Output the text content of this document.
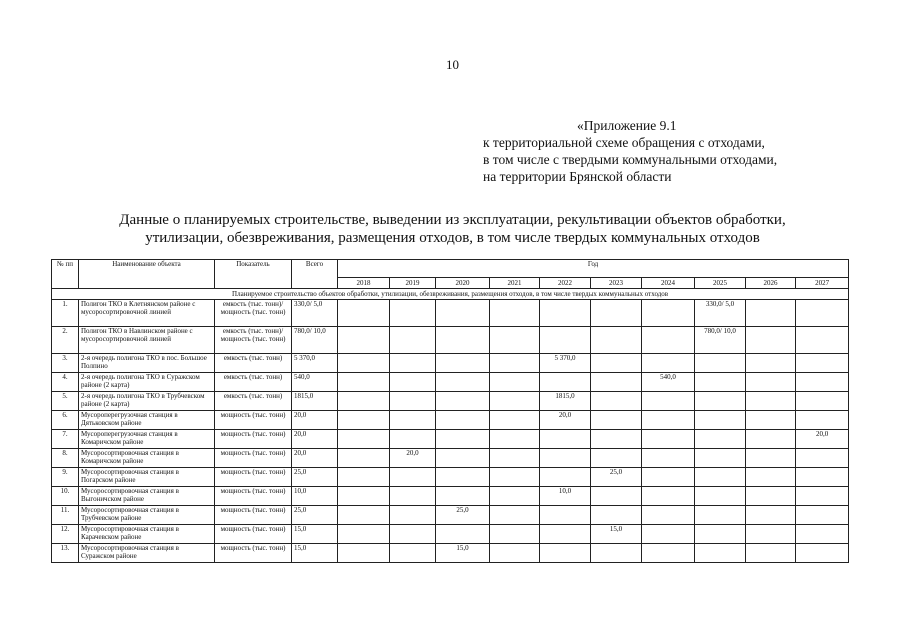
10
«Приложение 9.1
к территориальной схеме обращения с отходами,
в том числе с твердыми коммунальными отходами,
на территории Брянской области
Данные о планируемых строительстве, выведении из эксплуатации, рекультивации объектов обработки,
утилизации, обезвреживания, размещения отходов, в том числе твердых коммунальных отходов
№ пп	Наименование объекта	Показатель	Всего	Год									
				2018	2019	2020	2021	2022	2023	2024	2025	2026	2027
Планируемое строительство объектов обработки, утилизации, обезвреживания, размещения отходов, в том числе твердых коммунальных отходов													
1.	Полигон ТКО в Клетнянском районе с мусоросортировочной линией	емкость (тыс. тонн)/ мощность (тыс. тонн)	330,0/ 5,0								330,0/ 5,0		
2.	Полигон ТКО в Навлинском районе с мусоросортировочной линией	емкость (тыс. тонн)/ мощность (тыс. тонн)	780,0/ 10,0								780,0/ 10,0		
3.	2-я очередь полигона ТКО в пос. Большое Полпино	емкость (тыс. тонн)	5 370,0					5 370,0					
4.	2-я очередь полигона ТКО в Суражском районе (2 карта)	емкость (тыс. тонн)	540,0							540,0			
5.	2-я очередь полигона ТКО в Трубчевском районе (2 карта)	емкость (тыс. тонн)	1815,0					1815,0					
6.	Мусороперегрузочная станция в Дятьковском районе	мощность (тыс. тонн)	20,0					20,0					
7.	Мусороперегрузочная станция в Комаричском районе	мощность (тыс. тонн)	20,0										20,0
8.	Мусоросортировочная станция в Комаричском районе	мощность (тыс. тонн)	20,0		20,0								
9.	Мусоросортировочная станция в Погарском районе	мощность (тыс. тонн)	25,0						25,0				
10.	Мусоросортировочная станция в Выгоничском районе	мощность (тыс. тонн)	10,0					10,0					
11.	Мусоросортировочная станция в Трубчевском районе	мощность (тыс. тонн)	25,0			25,0							
12.	Мусоросортировочная станция в Карачевском районе	мощность (тыс. тонн)	15,0						15,0				
13.	Мусоросортировочная станция в Суражском районе	мощность (тыс. тонн)	15,0			15,0							
